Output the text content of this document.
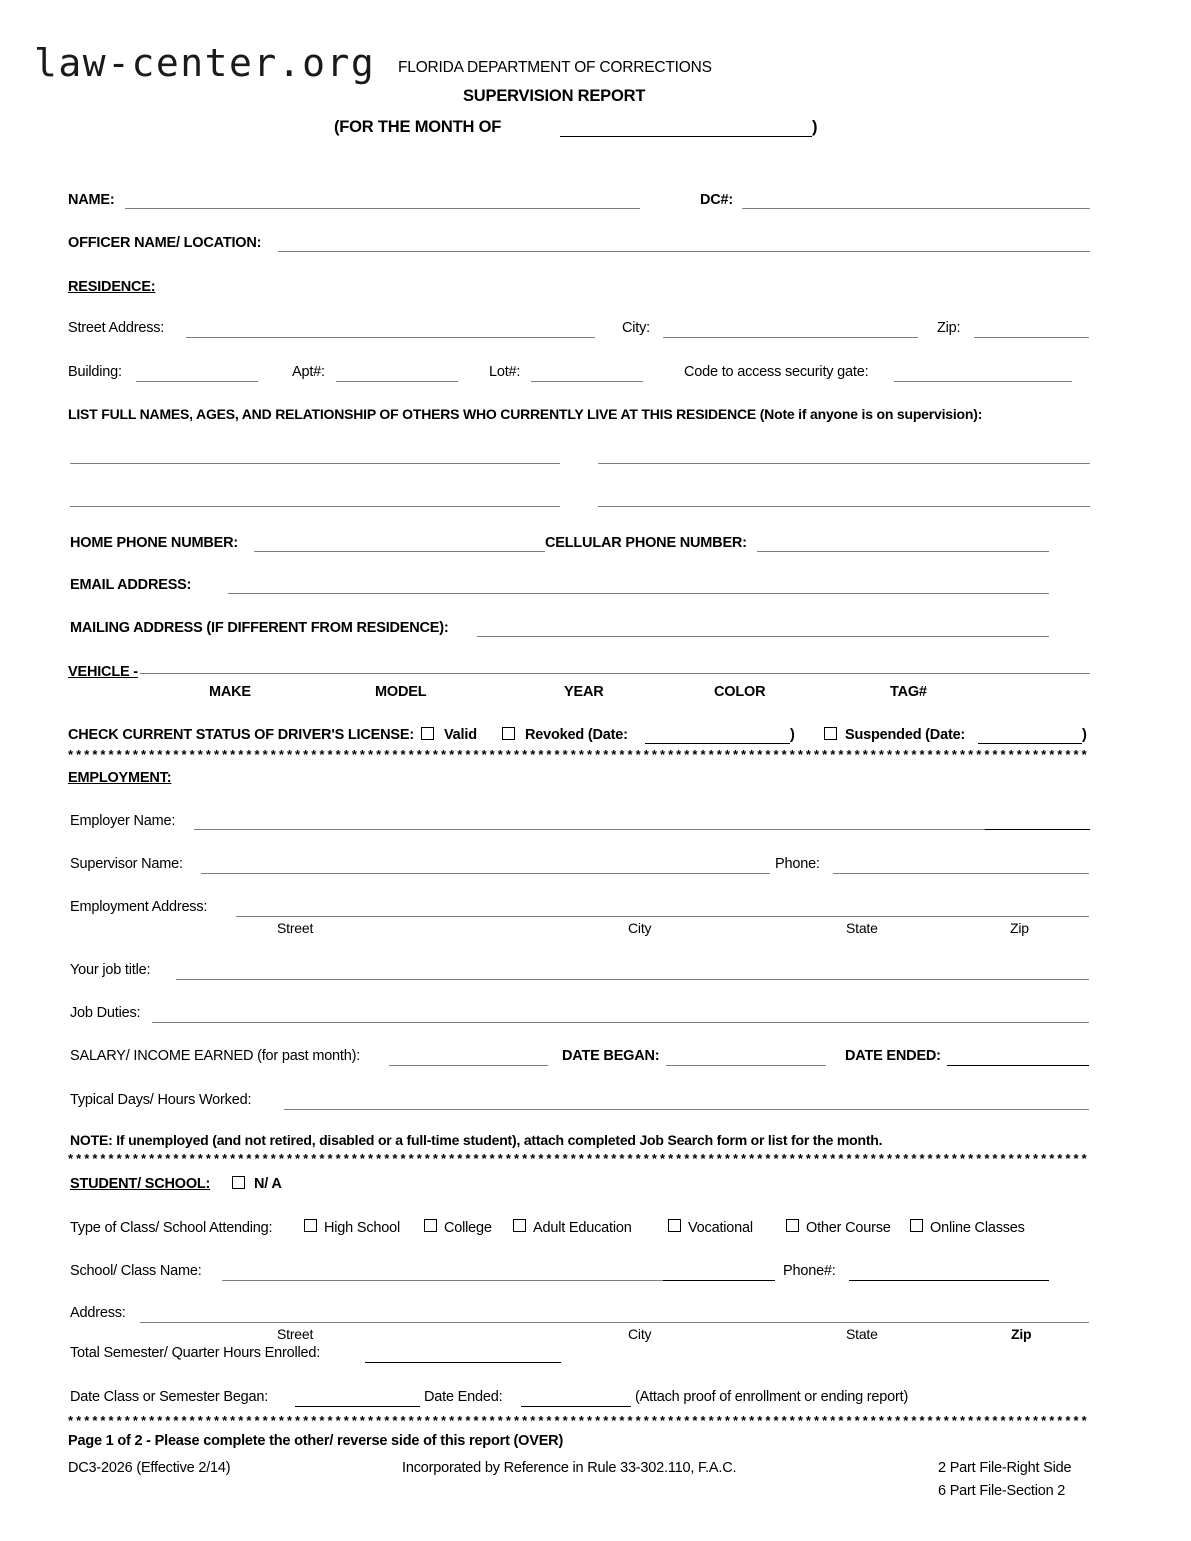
law-center.org FLORIDA DEPARTMENT OF CORRECTIONS
SUPERVISION REPORT
(FOR THE MONTH OF	)
NAME:	DC#:
OFFICER NAME/ LOCATION:
RESIDENCE:
Street Address:	City:	Zip:
Building:	Apt#:	Lot#:	Code to access security gate:
LIST FULL NAMES, AGES, AND RELATIONSHIP OF OTHERS WHO CURRENTLY LIVE AT THIS RESIDENCE (Note if anyone is on supervision):
HOME PHONE NUMBER:	CELLULAR PHONE NUMBER:
EMAIL ADDRESS:
MAILING ADDRESS (IF DIFFERENT FROM RESIDENCE):
VEHICLE -
MAKE	MODEL	YEAR	COLOR	TAG#
CHECK CURRENT STATUS OF DRIVER'S LICENSE: Valid	Revoked (Date:	)	Suspended (Date:	)
******************************************************************************************************************************
EMPLOYMENT:
Employer Name:
Supervisor Name:	Phone:
Employment Address:
Street	City	State	Zip
Your job title:
Job Duties:
SALARY/ INCOME EARNED (for past month):	DATE BEGAN:	DATE ENDED:
Typical Days/ Hours Worked:
NOTE: If unemployed (and not retired, disabled or a full-time student), attach completed Job Search form or list for the month.
******************************************************************************************************************************
STUDENT/ SCHOOL:	N/ A
Type of Class/ School Attending:	High School	College	Adult Education	Vocational	Other Course	Online Classes
School/ Class Name:	Phone#:
Address:
Street	City	State	Zip
Total Semester/ Quarter Hours Enrolled:
Date Class or Semester Began:	Date Ended:	(Attach proof of enrollment or ending report)
******************************************************************************************************************************
Page 1 of 2 - Please complete the other/ reverse side of this report (OVER)
DC3-2026 (Effective 2/14)	Incorporated by Reference in Rule 33-302.110, F.A.C.	2 Part File-Right Side
6 Part File-Section 2
